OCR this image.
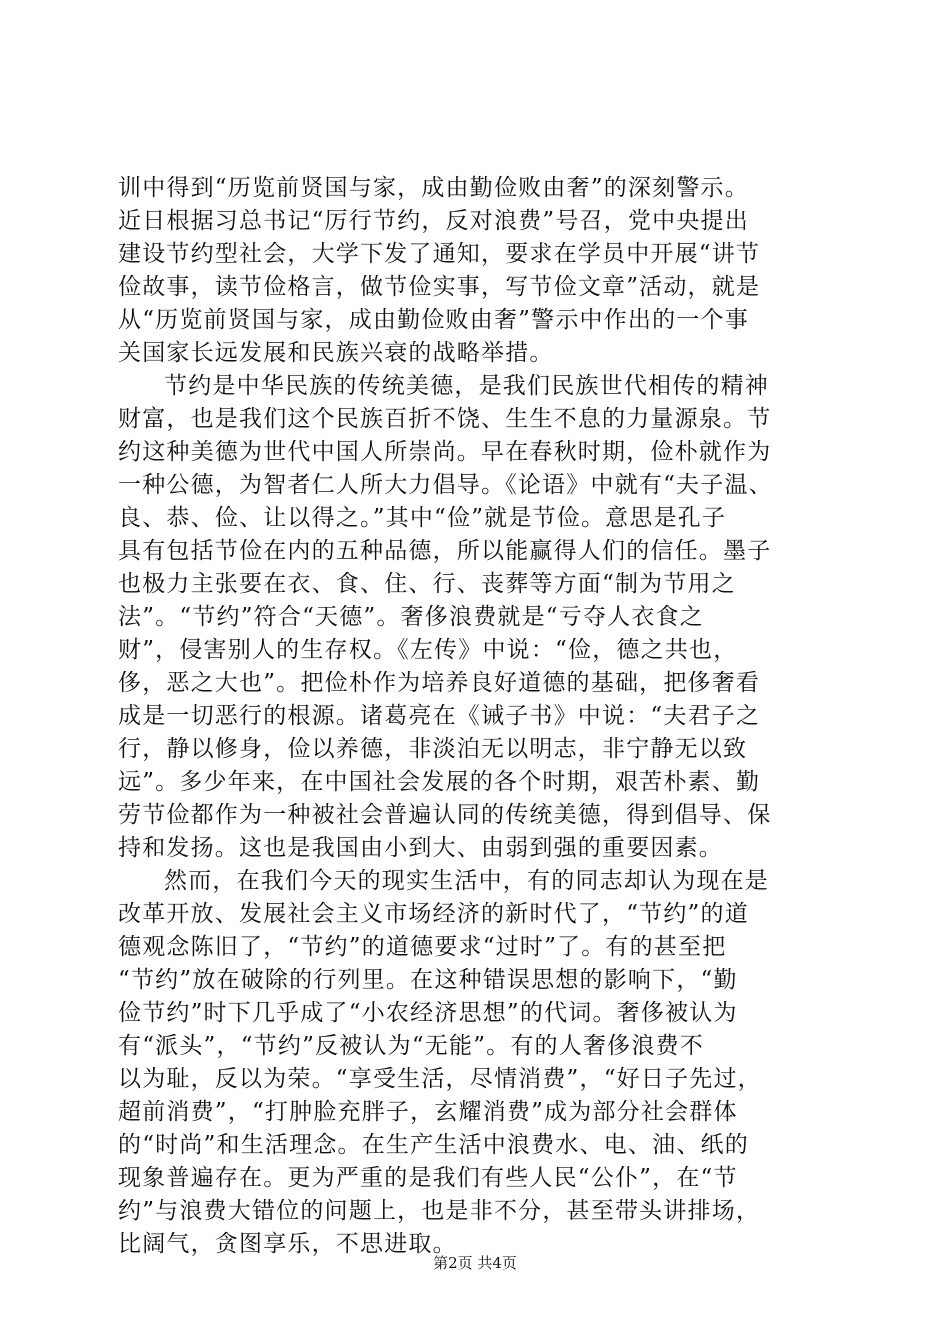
训中得到“历览前贤国与家，成由勤俭败由奢”的深刻警示。
近日根据习总书记“厉行节约，反对浪费”号召，党中央提出
建设节约型社会，大学下发了通知，要求在学员中开展“讲节
俭故事，读节俭格言，做节俭实事，写节俭文章”活动，就是
从“历览前贤国与家，成由勤俭败由奢”警示中作出的一个事
关国家长远发展和民族兴衰的战略举措。
节约是中华民族的传统美德，是我们民族世代相传的精神
财富，也是我们这个民族百折不饶、生生不息的力量源泉。节
约这种美德为世代中国人所崇尚。早在春秋时期，俭朴就作为
一种公德，为智者仁人所大力倡导。《论语》中就有“夫子温、
良、恭、俭、让以得之。”其中“俭”就是节俭。意思是孔子
具有包括节俭在内的五种品德，所以能赢得人们的信任。墨子
也极力主张要在衣、食、住、行、丧葬等方面“制为节用之
法”。“节约”符合“天德”。奢侈浪费就是“亏夺人衣食之
财”，侵害别人的生存权。《左传》中说：“俭，德之共也，
侈，恶之大也”。把俭朴作为培养良好道德的基础，把侈奢看
成是一切恶行的根源。诸葛亮在《诫子书》中说：“夫君子之
行，静以修身，俭以养德，非淡泊无以明志，非宁静无以致
远”。多少年来，在中国社会发展的各个时期，艰苦朴素、勤
劳节俭都作为一种被社会普遍认同的传统美德，得到倡导、保
持和发扬。这也是我国由小到大、由弱到强的重要因素。
然而，在我们今天的现实生活中，有的同志却认为现在是
改革开放、发展社会主义市场经济的新时代了，“节约”的道
德观念陈旧了，“节约”的道德要求“过时”了。有的甚至把
“节约”放在破除的行列里。在这种错误思想的影响下，“勤
俭节约”时下几乎成了“小农经济思想”的代词。奢侈被认为
有“派头”，“节约”反被认为“无能”。有的人奢侈浪费不
以为耻，反以为荣。“享受生活，尽情消费”，“好日子先过，
超前消费”，“打肿脸充胖子，玄耀消费”成为部分社会群体
的“时尚”和生活理念。在生产生活中浪费水、电、油、纸的
现象普遍存在。更为严重的是我们有些人民“公仆”，在“节
约”与浪费大错位的问题上，也是非不分，甚至带头讲排场，
比阔气，贪图享乐，不思进取。
第2页 共4页
